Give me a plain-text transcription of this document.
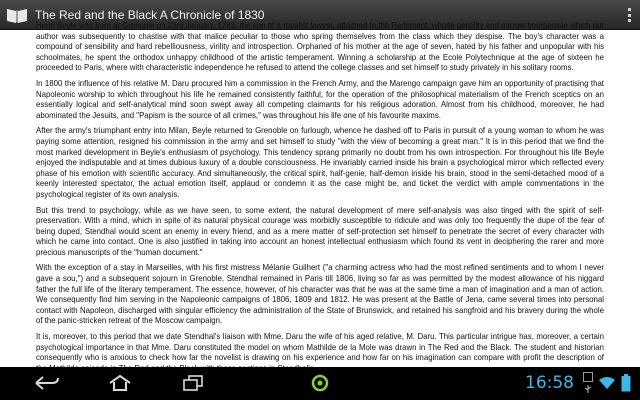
The Red and the Black A Chronicle of 1830

Henri Beyle was born at Grenoble on 23rd January, 1783, the son of a royalist lawyer, attached to the Parlement, whose gentility and narrow bourgeoisie which our author was subsequently to chastise with that malice peculiar to those who spring themselves from the class which they despise. The boy's character was a compound of sensibility and hard rebelliousness, virility and introspection. Orphaned of his mother at the age of seven, hated by his father and unpopular with his schoolmates, he spent the orthodox unhappy childhood of the artistic temperament. Winning a scholarship at the Ecole Polytechnique at the age of sixteen he proceeded to Paris, where with characteristic independence he refused to attend the college classes and set himself to study privately in his solitary rooms.

In 1800 the influence of his relative M. Daru procured him a commission in the French Army, and the Marengo campaign gave him an opportunity of practising that Napoleonic worship to which throughout his life he remained consistently faithful, for the operation of the philosophical materialism of the French sceptics on an essentially logical and self-analytical mind soon swept away all competing claimants for his religious adoration. Almost from his childhood, moreover, he had abominated the Jesuits, and "Papism is the source of all crimes," was throughout his life one of his favourite maxims.

After the army's triumphant entry into Milan, Beyle returned to Grenoble on furlough, whence he dashed off to Paris in pursuit of a young woman to whom he was paying some attention, resigned his commission in the army and set himself to study "with the view of becoming a great man." It is in this period that we find the most marked development in Beyle's enthusiasm of psychology. This tendency sprang primarily no doubt from his own introspection. For throughout his life Beyle enjoyed the indisputable and at times dubious luxury of a double consciousness. He invariably carried inside his brain a psychological mirror which reflected every phase of his emotion with scientific accuracy. And simultaneously, the critical spirit, half-genie, half-demon inside his brain, stood in the semi-detached mood of a keenly interested spectator, the actual emotion itself, applaud or condemn it as the case might be, and ticket the verdict with ample commentations in the psychological register of its own analysis.

But this trend to psychology, while as we have seen, to some extent, the natural development of mere self-analysis was also tinged with the spirit of self-preservation. With a mind, which in spite of its natural physical courage was morbidly susceptible to ridicule and was only too frequently the dupe of the fear of being duped, Stendhal would scent an enemy in every friend, and as a mere matter of self-protection set himself to penetrate the secret of every character with which he came into contact. One is also justified in taking into account an honest intellectual enthusiasm which found its vent in deciphering the rarer and more precious manuscripts of the "human document."

With the exception of a stay in Marseilles, with his first mistress Mélanie Guilhert ("a charming actress who had the most refined sentiments and to whom I never gave a sou,") and a subsequent sojourn in Grenoble, Stendhal remained in Paris till 1806, living so far as was permitted by the modest allowance of his niggard father the full life of the literary temperament. The essence, however, of his character was that he was at the same time a man of imagination and a man of action. We consequently find him serving in the Napoleonic campaigns of 1806, 1809 and 1812. He was present at the Battle of Jena, came several times into personal contact with Napoleon, discharged with singular efficiency the administration of the State of Brunswick, and retained his sangfroid and his bravery during the whole of the panic-stricken retreat of the Moscow campaign.

It is, moreover, to this period that we date Stendhal's liaison with Mme. Daru the wife of his aged relative, M. Daru. This particular intrigue has, moreover, a certain psychological importance in that Mme. Daru constituted the model on whom Mathilde de la Mole was drawn in The Red and the Black. The student and historian consequently who is anxious to check how far the novelist is drawing on his experience and how far on his imagination can compare with profit the description of

16:58
